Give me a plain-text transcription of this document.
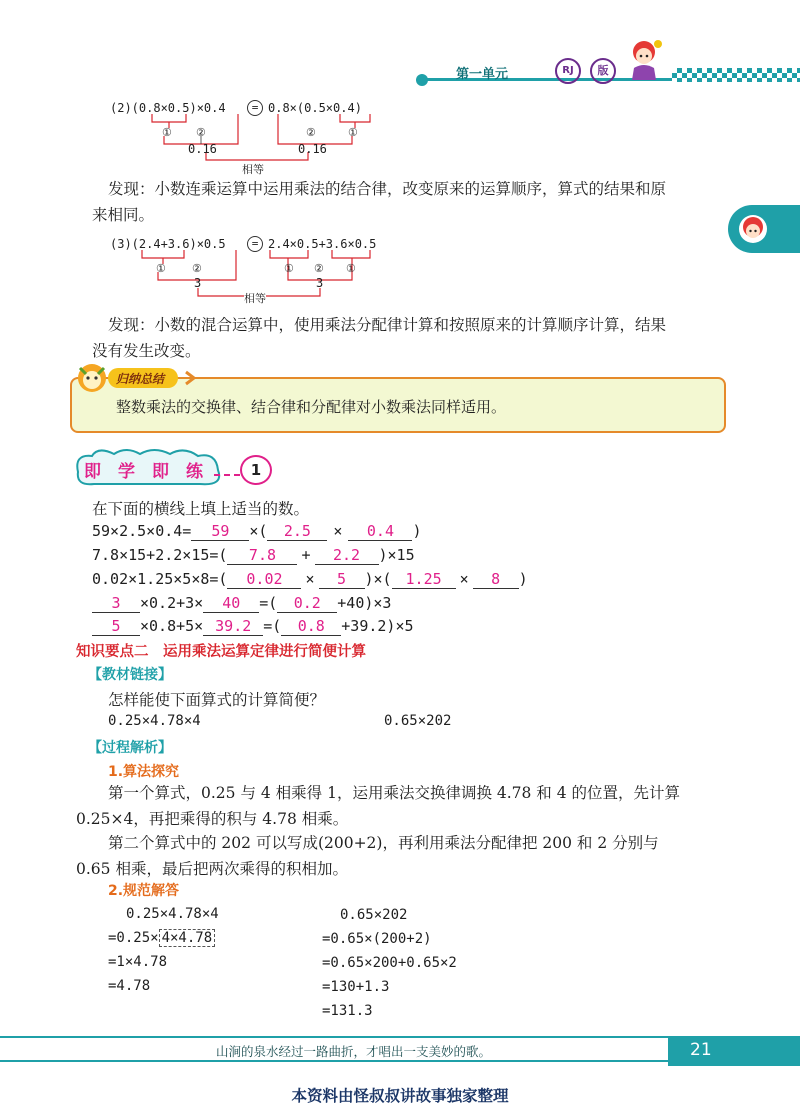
第一单元	RJ	版
(2)(0.8×0.5)×0.4	= 0.8×(0.5×0.4)
① ②	②	①
0.16	0.16
相等
发现：小数连乘运算中运用乘法的结合律，改变原来的运算顺序，算式的结果和原
来相同。
(3)(2.4+3.6)×0.5	= 2.4×0.5+3.6×0.5
① ②	① ② ①
3	3
相等
发现：小数的混合运算中，使用乘法分配律计算和按照原来的计算顺序计算，结果
没有发生改变。
整数乘法的交换律、结合律和分配律对小数乘法同样适用。
归纳总结
即 学 即 练	1
在下面的横线上填上适当的数。
59×2.5×0.4= 59 ×( 2.5 × 0.4 )
7.8×15+2.2×15=( 7.8 + 2.2 )×15
0.02×1.25×5×8=( 0.02 × 5 )×( 1.25 × 8 )
3 ×0.2+3× 40 =( 0.2 +40)×3
5 ×0.8+5× 39.2 =( 0.8 +39.2)×5
知识要点二　运用乘法运算定律进行简便计算
【教材链接】
怎样能使下面算式的计算简便？
0.25×4.78×4	0.65×202
【过程解析】
1.算法探究
第一个算式，0.25 与 4 相乘得 1，运用乘法交换律调换 4.78 和 4 的位置，先计算
0.25×4，再把乘得的积与 4.78 相乘。
第二个算式中的 202 可以写成(200+2)，再利用乘法分配律把 200 和 2 分别与
0.65 相乘，最后把两次乘得的积相加。
2.规范解答
0.25×4.78×4
=0.25× 4×4.78
=1×4.78
=4.78
0.65×202
=0.65×(200+2)
=0.65×200+0.65×2
=130+1.3
=131.3
山涧的泉水经过一路曲折，才唱出一支美妙的歌。	21
本资料由怪叔叔讲故事独家整理
